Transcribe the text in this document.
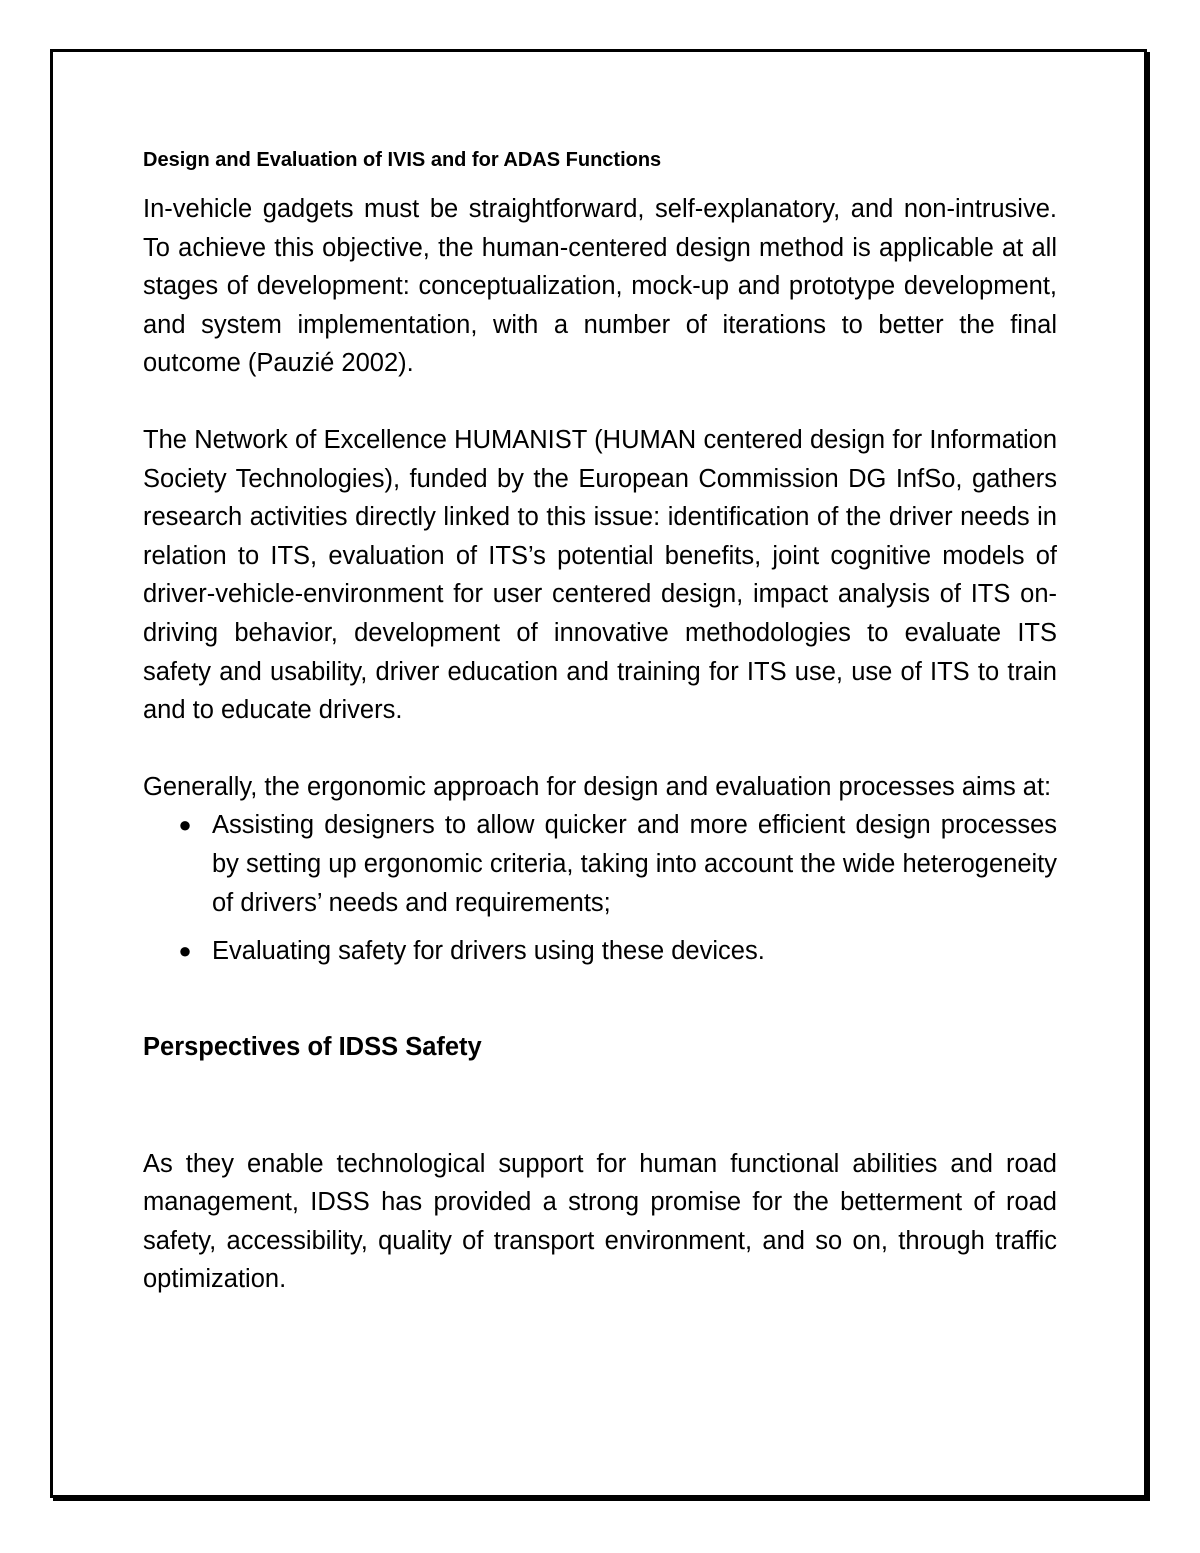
Design and Evaluation of IVIS and for ADAS Functions

In-vehicle gadgets must be straightforward, self-explanatory, and non-intrusive. To achieve this objective, the human-centered design method is applicable at all stages of development: conceptualization, mock-up and prototype development, and system implementation, with a number of iterations to better the final outcome (Pauzié 2002).

The Network of Excellence HUMANIST (HUMAN centered design for Information Society Technologies), funded by the European Commission DG InfSo, gathers research activities directly linked to this issue: identification of the driver needs in relation to ITS, evaluation of ITS’s potential benefits, joint cognitive models of driver-vehicle-environment for user centered design, impact analysis of ITS on-driving behavior, development of innovative methodologies to evaluate ITS safety and usability, driver education and training for ITS use, use of ITS to train and to educate drivers.

Generally, the ergonomic approach for design and evaluation processes aims at:

● Assisting designers to allow quicker and more efficient design processes by setting up ergonomic criteria, taking into account the wide heterogeneity of drivers’ needs and requirements;
● Evaluating safety for drivers using these devices.
Perspectives of IDSS Safety

As they enable technological support for human functional abilities and road management, IDSS has provided a strong promise for the betterment of road safety, accessibility, quality of transport environment, and so on, through traffic optimization.
